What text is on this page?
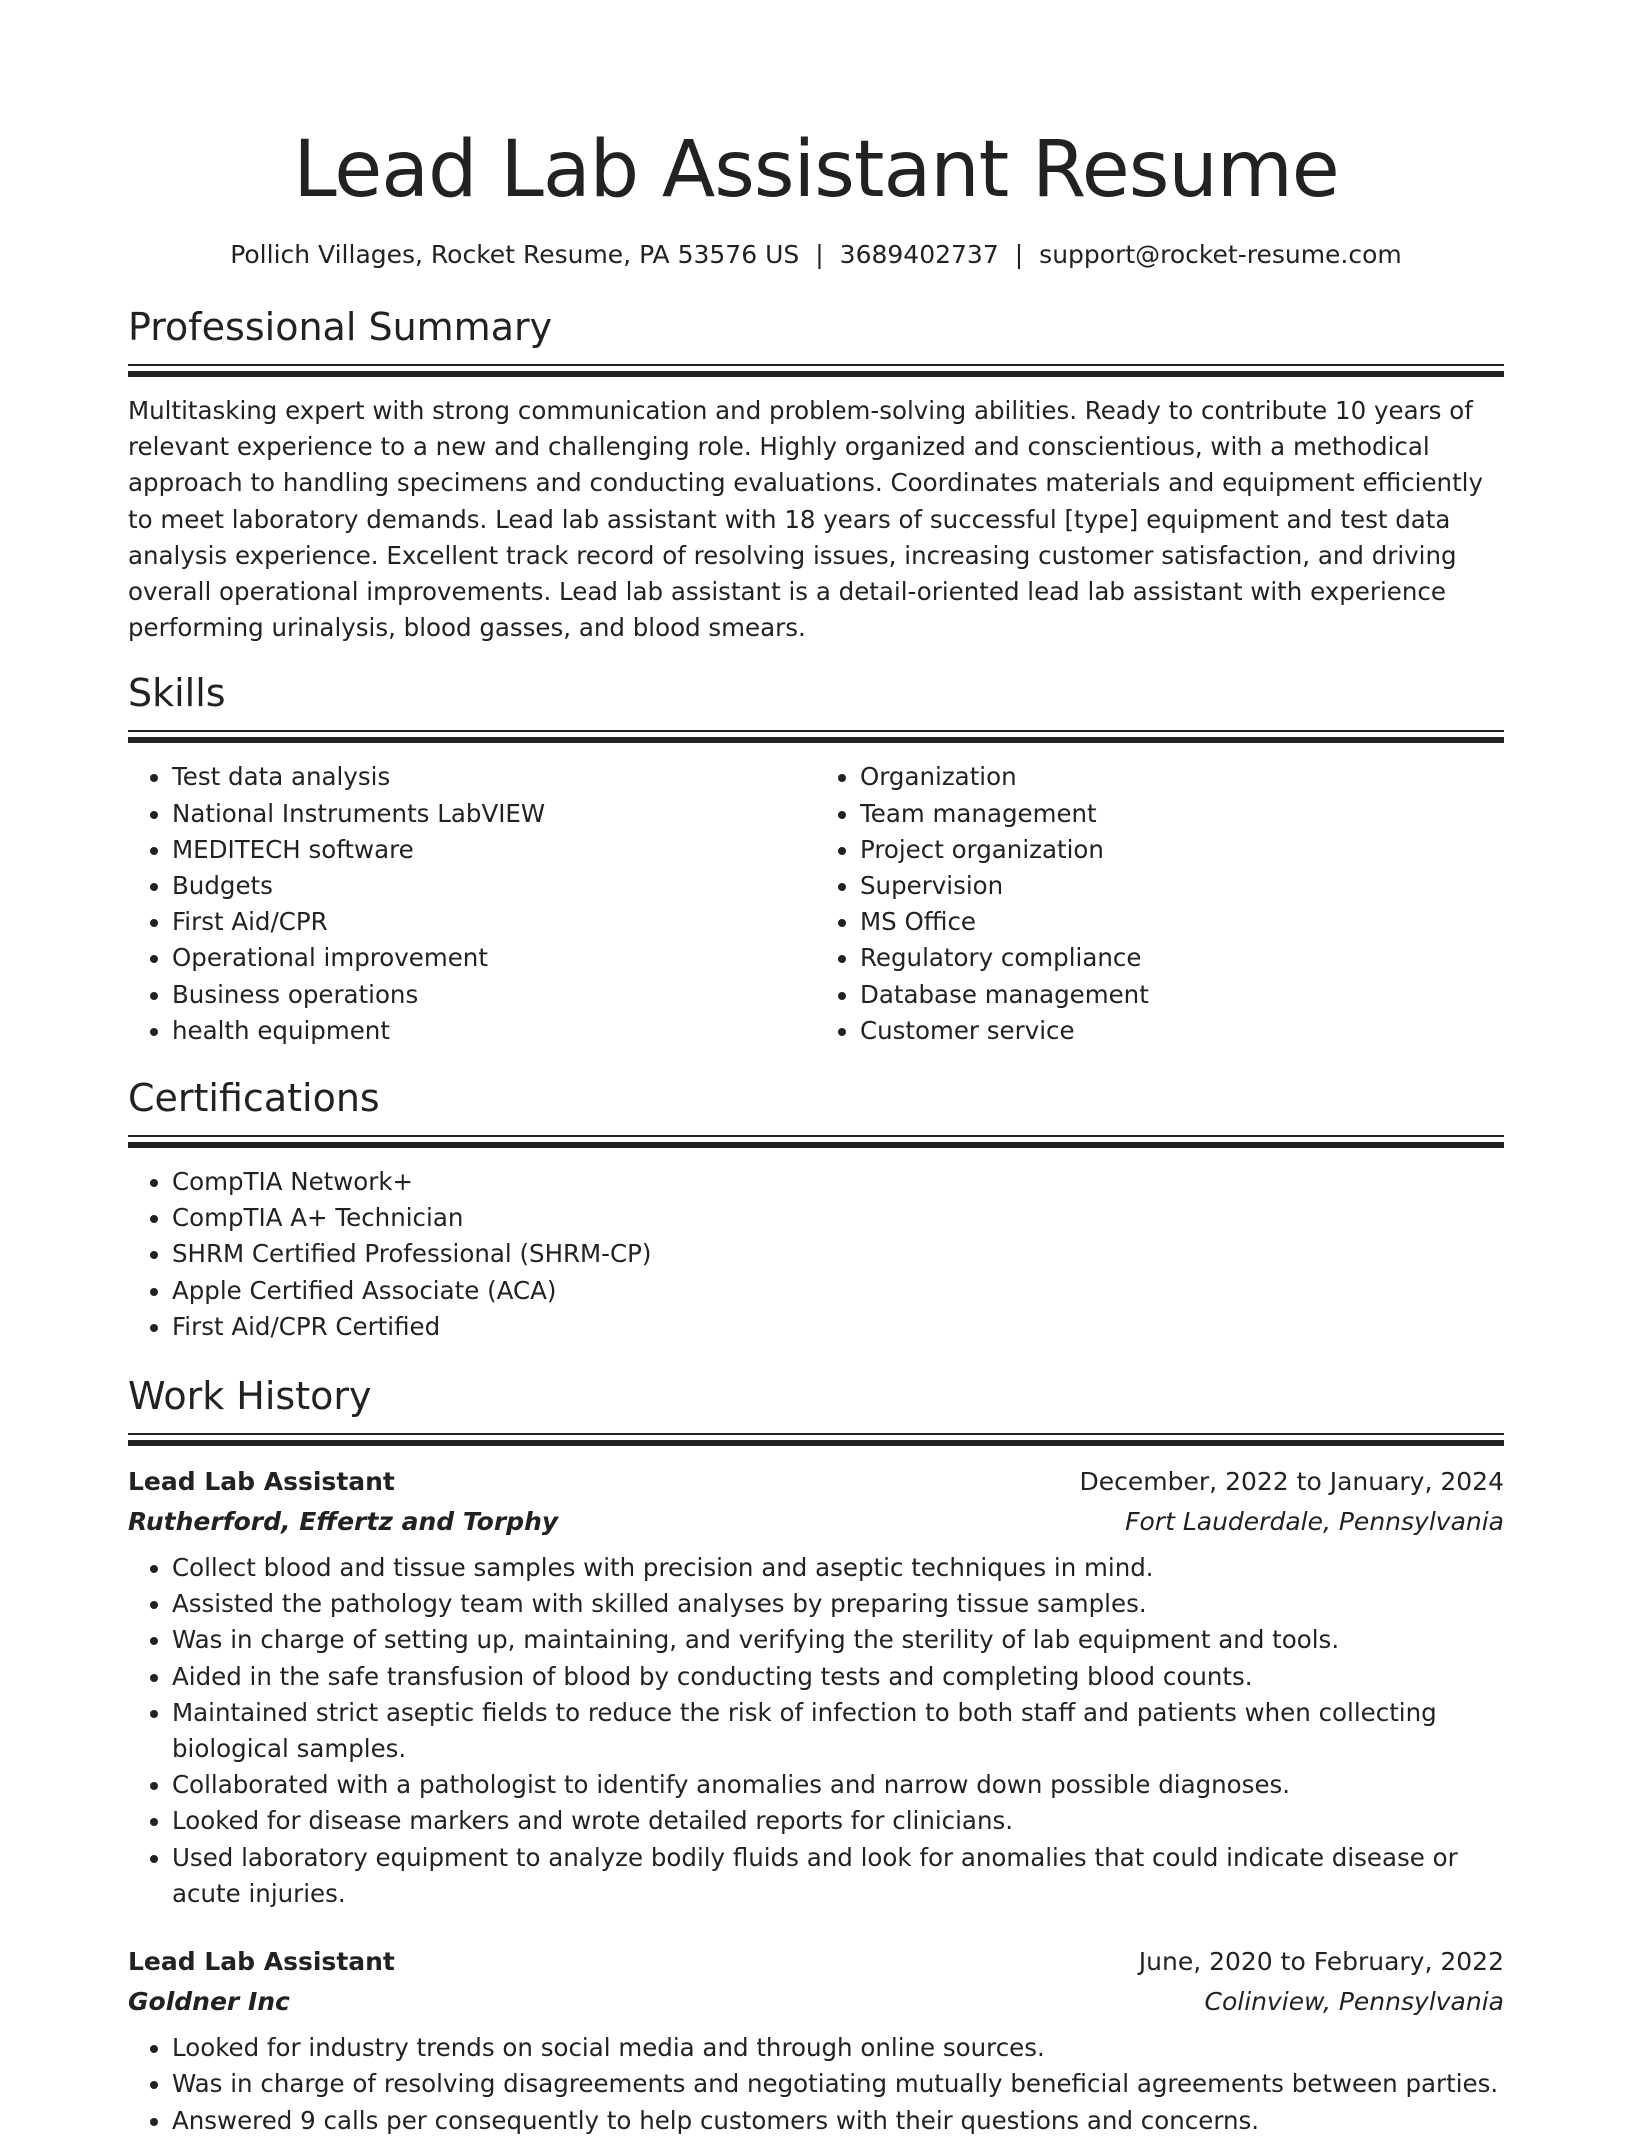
Lead Lab Assistant Resume
Pollich Villages, Rocket Resume, PA 53576 US | 3689402737 | support@rocket-resume.com
Professional Summary

Multitasking expert with strong communication and problem-solving abilities. Ready to contribute 10 years of relevant experience to a new and challenging role. Highly organized and conscientious, with a methodical approach to handling specimens and conducting evaluations. Coordinates materials and equipment efficiently to meet laboratory demands. Lead lab assistant with 18 years of successful [type] equipment and test data analysis experience. Excellent track record of resolving issues, increasing customer satisfaction, and driving overall operational improvements. Lead lab assistant is a detail-oriented lead lab assistant with experience performing urinalysis, blood gasses, and blood smears.

Skills
• Test data analysis
• National Instruments LabVIEW
• MEDITECH software
• Budgets
• First Aid/CPR
• Operational improvement
• Business operations
• health equipment
• Organization
• Team management
• Project organization
• Supervision
• MS Office
• Regulatory compliance
• Database management
• Customer service
Certifications
• CompTIA Network+
• CompTIA A+ Technician
• SHRM Certified Professional (SHRM-CP)
• Apple Certified Associate (ACA)
• First Aid/CPR Certified
Work History
Lead Lab Assistant	December, 2022 to January, 2024
Rutherford, Effertz and Torphy	Fort Lauderdale, Pennsylvania
• Collect blood and tissue samples with precision and aseptic techniques in mind.
• Assisted the pathology team with skilled analyses by preparing tissue samples.
• Was in charge of setting up, maintaining, and verifying the sterility of lab equipment and tools.
• Aided in the safe transfusion of blood by conducting tests and completing blood counts.
• Maintained strict aseptic fields to reduce the risk of infection to both staff and patients when collecting biological samples.
• Collaborated with a pathologist to identify anomalies and narrow down possible diagnoses.
• Looked for disease markers and wrote detailed reports for clinicians.
• Used laboratory equipment to analyze bodily fluids and look for anomalies that could indicate disease or acute injuries.
Lead Lab Assistant	June, 2020 to February, 2022
Goldner Inc	Colinview, Pennsylvania
• Looked for industry trends on social media and through online sources.
• Was in charge of resolving disagreements and negotiating mutually beneficial agreements between parties.
• Answered 9 calls per consequently to help customers with their questions and concerns.
